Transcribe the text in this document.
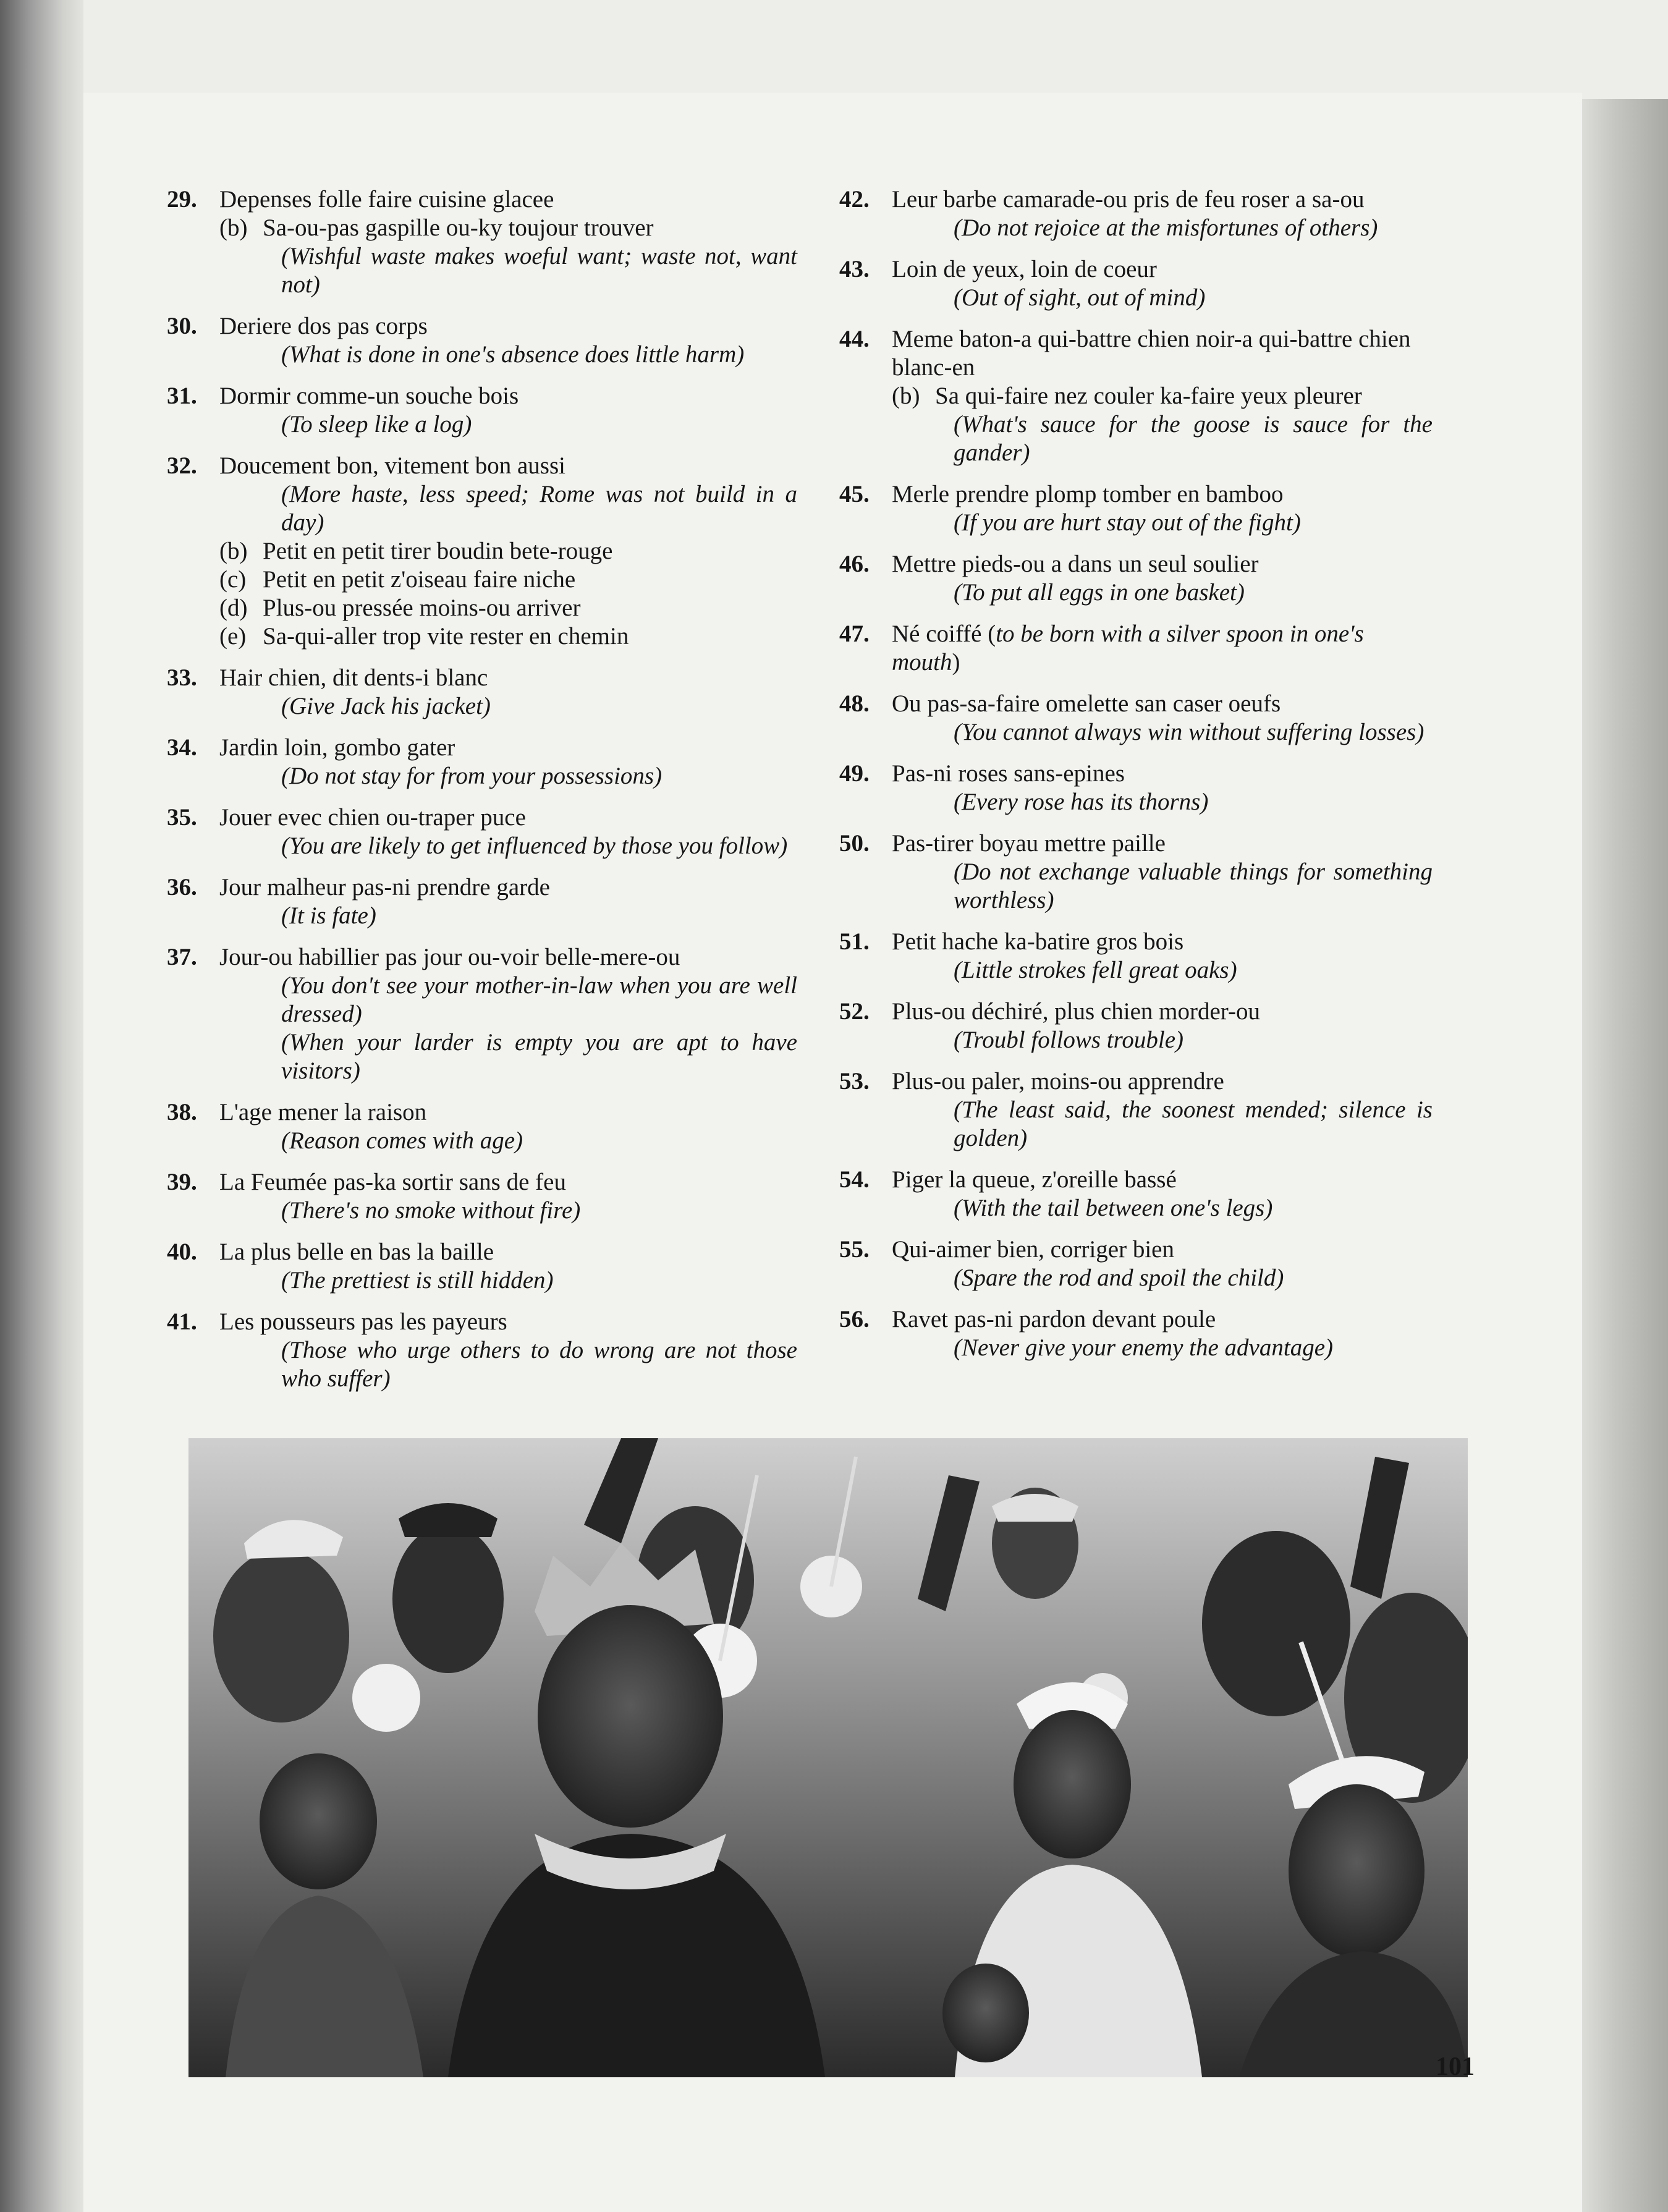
29. Depenses folle faire cuisine glacee
(b) Sa-ou-pas gaspille ou-ky toujour trouver
(Wishful waste makes woeful want; waste not, want not)
30. Deriere dos pas corps
(What is done in one's absence does little harm)
31. Dormir comme-un souche bois
(To sleep like a log)
32. Doucement bon, vitement bon aussi
(More haste, less speed; Rome was not build in a day)
(b) Petit en petit tirer boudin bete-rouge
(c) Petit en petit z'oiseau faire niche
(d) Plus-ou pressée moins-ou arriver
(e) Sa-qui-aller trop vite rester en chemin
33. Hair chien, dit dents-i blanc
(Give Jack his jacket)
34. Jardin loin, gombo gater
(Do not stay for from your possessions)
35. Jouer evec chien ou-traper puce
(You are likely to get influenced by those you follow)
36. Jour malheur pas-ni prendre garde
(It is fate)
37. Jour-ou habillier pas jour ou-voir belle-mere-ou
(You don't see your mother-in-law when you are well dressed)
(When your larder is empty you are apt to have visitors)
38. L'age mener la raison
(Reason comes with age)
39. La Feumée pas-ka sortir sans de feu
(There's no smoke without fire)
40. La plus belle en bas la baille
(The prettiest is still hidden)
41. Les pousseurs pas les payeurs
(Those who urge others to do wrong are not those who suffer)
42. Leur barbe camarade-ou pris de feu roser a sa-ou
(Do not rejoice at the misfortunes of others)
43. Loin de yeux, loin de coeur
(Out of sight, out of mind)
44. Meme baton-a qui-battre chien noir-a qui-battre chien blanc-en
(b) Sa qui-faire nez couler ka-faire yeux pleurer
(What's sauce for the goose is sauce for the gander)
45. Merle prendre plomp tomber en bamboo
(If you are hurt stay out of the fight)
46. Mettre pieds-ou a dans un seul soulier
(To put all eggs in one basket)
47. Né coiffé (to be born with a silver spoon in one's mouth)
48. Ou pas-sa-faire omelette san caser oeufs
(You cannot always win without suffering losses)
49. Pas-ni roses sans-epines
(Every rose has its thorns)
50. Pas-tirer boyau mettre paille
(Do not exchange valuable things for something worthless)
51. Petit hache ka-batire gros bois
(Little strokes fell great oaks)
52. Plus-ou déchiré, plus chien morder-ou
(Troubl follows trouble)
53. Plus-ou paler, moins-ou apprendre
(The least said, the soonest mended; silence is golden)
54. Piger la queue, z'oreille bassé
(With the tail between one's legs)
55. Qui-aimer bien, corriger bien
(Spare the rod and spoil the child)
56. Ravet pas-ni pardon devant poule
(Never give your enemy the advantage)
101
